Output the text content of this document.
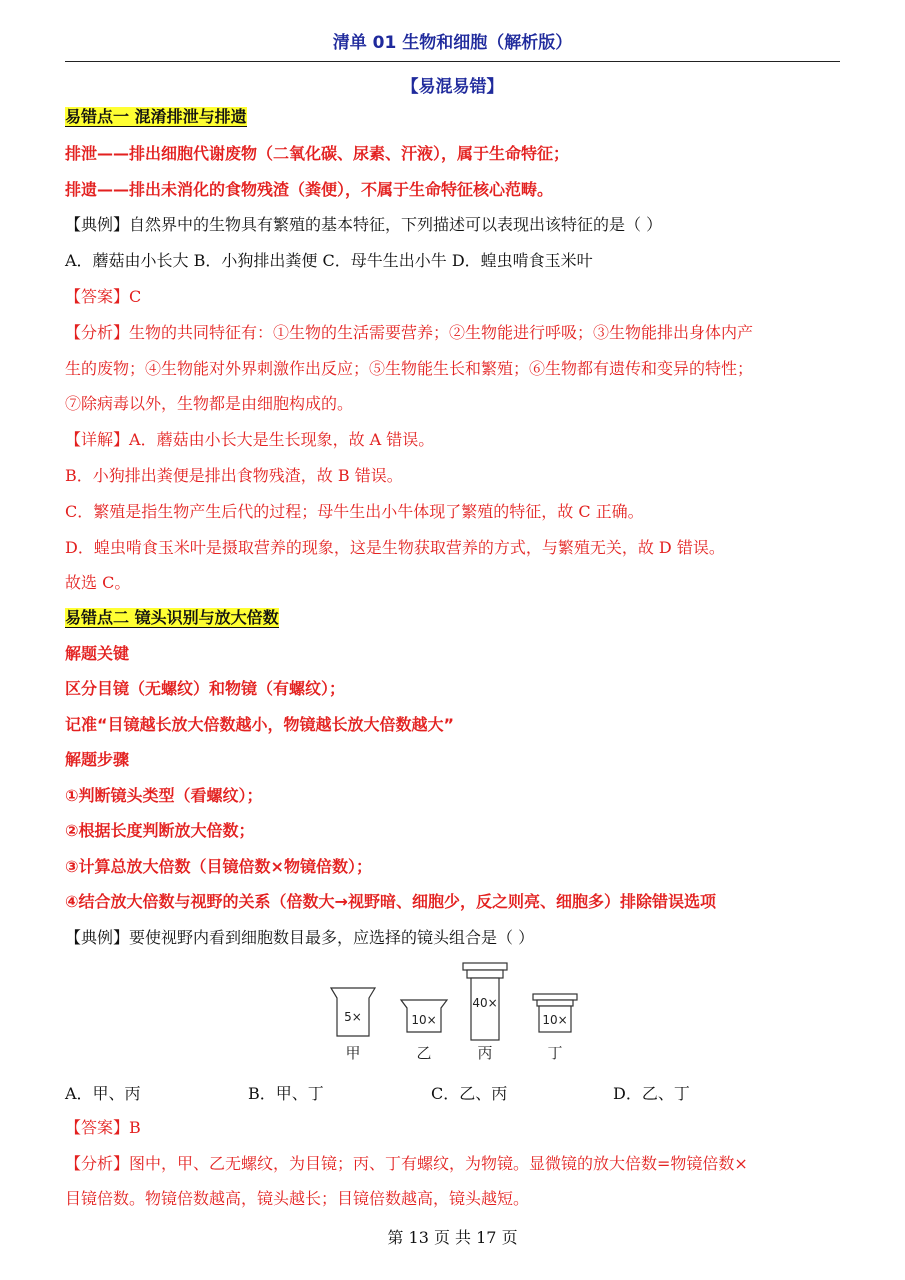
清单 01 生物和细胞（解析版）
【易混易错】
易错点一 混淆排泄与排遗
排泄——排出细胞代谢废物（二氧化碳、尿素、汗液），属于生命特征；
排遗——排出未消化的食物残渣（粪便），不属于生命特征核心范畴。
【典例】自然界中的生物具有繁殖的基本特征，下列描述可以表现出该特征的是（ ）
A．蘑菇由小长大 B．小狗排出粪便 C．母牛生出小牛 D．蝗虫啃食玉米叶
【答案】C
【分析】生物的共同特征有：①生物的生活需要营养；②生物能进行呼吸；③生物能排出身体内产
生的废物；④生物能对外界刺激作出反应；⑤生物能生长和繁殖；⑥生物都有遗传和变异的特性；
⑦除病毒以外，生物都是由细胞构成的。
【详解】A．蘑菇由小长大是生长现象，故 A 错误。
B．小狗排出粪便是排出食物残渣，故 B 错误。
C．繁殖是指生物产生后代的过程；母牛生出小牛体现了繁殖的特征，故 C 正确。
D．蝗虫啃食玉米叶是摄取营养的现象，这是生物获取营养的方式，与繁殖无关，故 D 错误。
故选 C。
易错点二 镜头识别与放大倍数
解题关键
区分目镜（无螺纹）和物镜（有螺纹）；
记准“目镜越长放大倍数越小，物镜越长放大倍数越大”
解题步骤
①判断镜头类型（看螺纹）；
②根据长度判断放大倍数；
③计算总放大倍数（目镜倍数×物镜倍数）；
④结合放大倍数与视野的关系（倍数大→视野暗、细胞少，反之则亮、细胞多）排除错误选项
【典例】要使视野内看到细胞数目最多，应选择的镜头组合是（ ）
5×
甲
10×
乙
40×
丙
10×
丁
A．甲、丙	B．甲、丁	C．乙、丙	D．乙、丁
【答案】B
【分析】图中，甲、乙无螺纹，为目镜；丙、丁有螺纹，为物镜。显微镜的放大倍数=物镜倍数×
目镜倍数。物镜倍数越高，镜头越长；目镜倍数越高，镜头越短。
第 13 页 共 17 页
